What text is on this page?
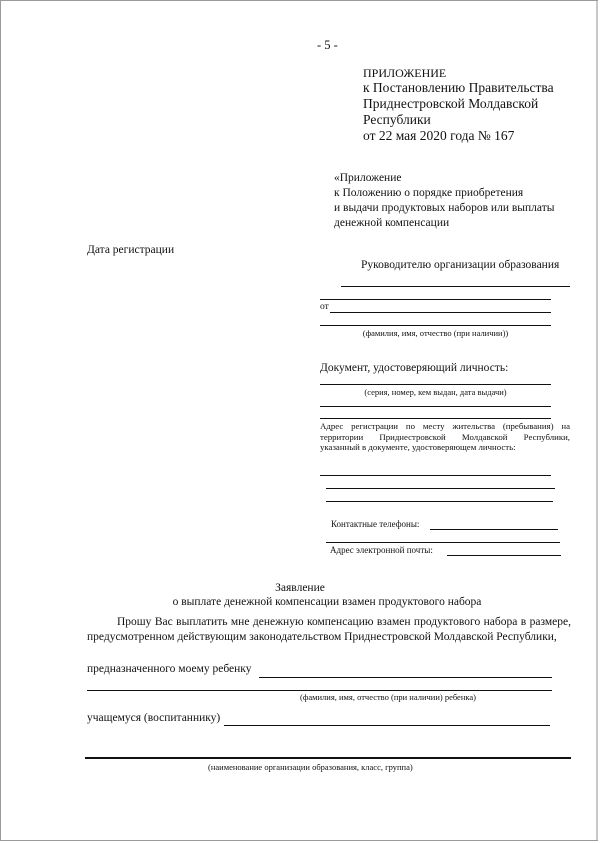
- 5 -
ПРИЛОЖЕНИЕ
к Постановлению Правительства
Приднестровской Молдавской
Республики
от 22 мая 2020 года № 167
«Приложение
к Положению о порядке приобретения
и выдачи продуктовых наборов или выплаты
денежной компенсации
Дата регистрации
Руководителю организации образования
от
(фамилия, имя, отчество (при наличии))
Документ, удостоверяющий личность:
(серия, номер, кем выдан, дата выдачи)
Адрес регистрации по месту жительства (пребывания) на территории Приднестровской Молдавской Республики, указанный в документе, удостоверяющем личность:
Контактные телефоны:
Адрес электронной почты:
Заявление
о выплате денежной компенсации взамен продуктового набора
Прошу Вас выплатить мне денежную компенсацию взамен продуктового набора в размере, предусмотренном действующим законодательством Приднестровской Молдавской Республики,
предназначенного моему ребенку
(фамилия, имя, отчество (при наличии) ребенка)
учащемуся (воспитаннику)
(наименование организации образования, класс, группа)
